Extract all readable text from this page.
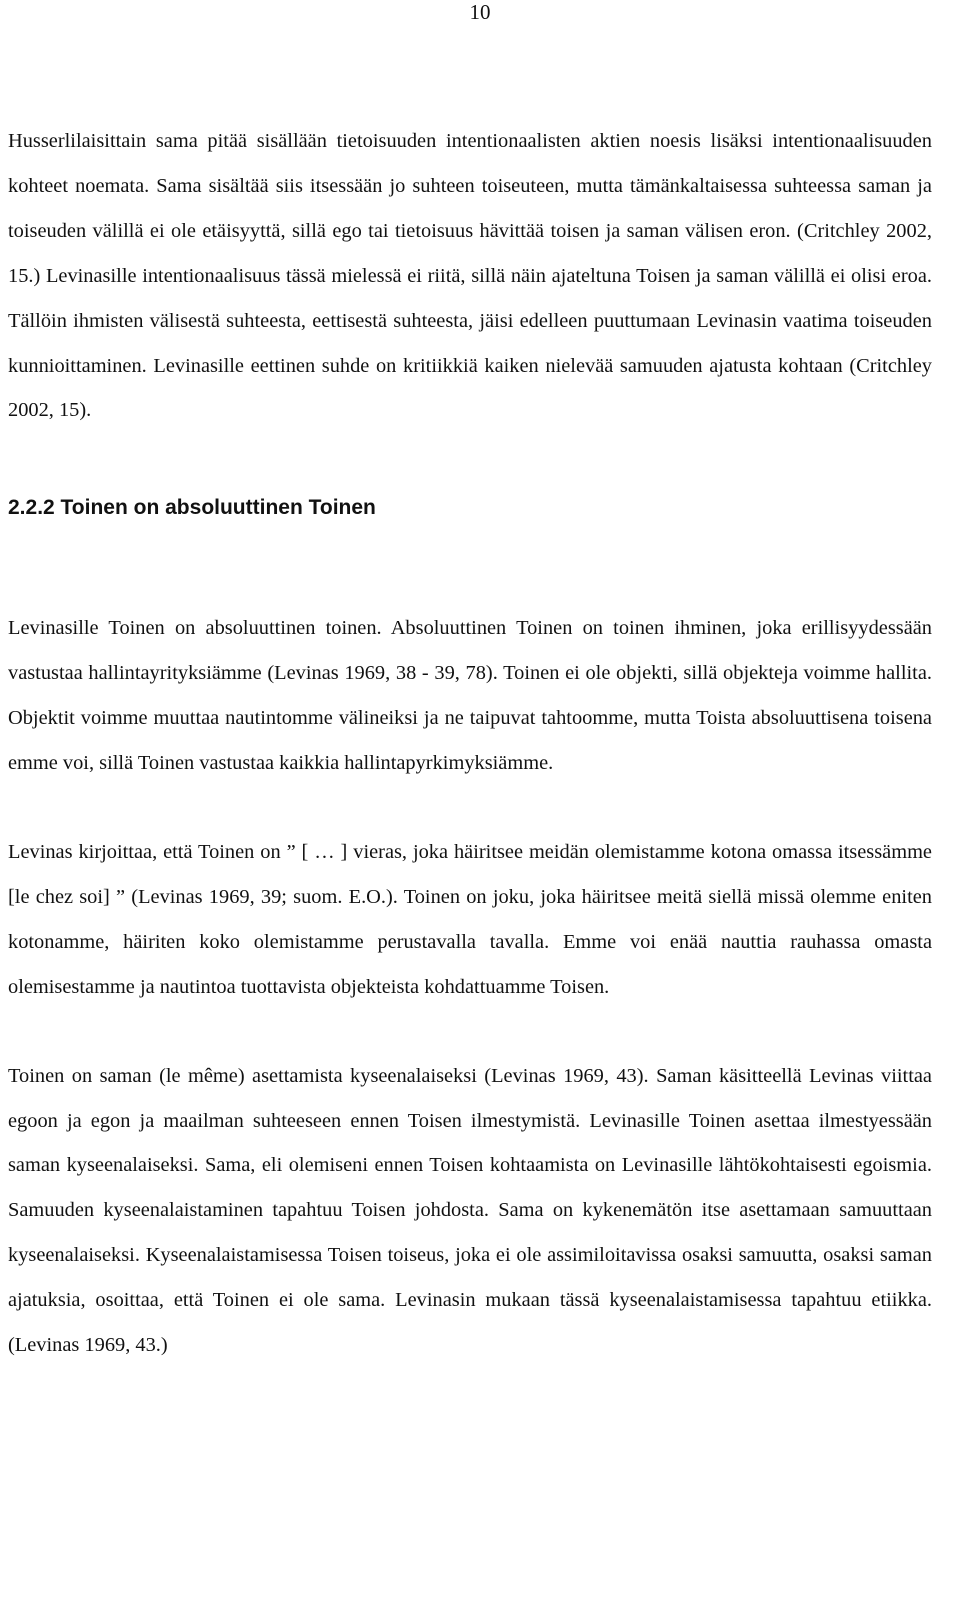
10

Husserlilaisittain sama pitää sisällään tietoisuuden intentionaalisten aktien noesis lisäksi intentionaalisuuden kohteet noemata. Sama sisältää siis itsessään jo suhteen toiseuteen, mutta tämänkaltaisessa suhteessa saman ja toiseuden välillä ei ole etäisyyttä, sillä ego tai tietoisuus hävittää toisen ja saman välisen eron. (Critchley 2002, 15.) Levinasille intentionaalisuus tässä mielessä ei riitä, sillä näin ajateltuna Toisen ja saman välillä ei olisi eroa. Tällöin ihmisten välisestä suhteesta, eettisestä suhteesta, jäisi edelleen puuttumaan Levinasin vaatima toiseuden kunnioittaminen. Levinasille eettinen suhde on kritiikkiä kaiken nielevää samuuden ajatusta kohtaan (Critchley 2002, 15).

2.2.2 Toinen on absoluuttinen Toinen

Levinasille Toinen on absoluuttinen toinen. Absoluuttinen Toinen on toinen ihminen, joka erillisyydessään vastustaa hallintayrityksiämme (Levinas 1969, 38 - 39, 78). Toinen ei ole objekti, sillä objekteja voimme hallita. Objektit voimme muuttaa nautintomme välineiksi ja ne taipuvat tahtoomme, mutta Toista absoluuttisena toisena emme voi, sillä Toinen vastustaa kaikkia hallintapyrkimyksiämme.

Levinas kirjoittaa, että Toinen on ” [ … ] vieras, joka häiritsee meidän olemistamme kotona omassa itsessämme [le chez soi] ” (Levinas 1969, 39; suom. E.O.). Toinen on joku, joka häiritsee meitä siellä missä olemme eniten kotonamme, häiriten koko olemistamme perustavalla tavalla. Emme voi enää nauttia rauhassa omasta olemisestamme ja nautintoa tuottavista objekteista kohdattuamme Toisen.

Toinen on saman (le même) asettamista kyseenalaiseksi (Levinas 1969, 43). Saman käsitteellä Levinas viittaa egoon ja egon ja maailman suhteeseen ennen Toisen ilmestymistä. Levinasille Toinen asettaa ilmestyessään saman kyseenalaiseksi. Sama, eli olemiseni ennen Toisen kohtaamista on Levinasille lähtökohtaisesti egoismia. Samuuden kyseenalaistaminen tapahtuu Toisen johdosta. Sama on kykenemätön itse asettamaan samuuttaan kyseenalaiseksi. Kyseenalaistamisessa Toisen toiseus, joka ei ole assimiloitavissa osaksi samuutta, osaksi saman ajatuksia, osoittaa, että Toinen ei ole sama. Levinasin mukaan tässä kyseenalaistamisessa tapahtuu etiikka. (Levinas 1969, 43.)
